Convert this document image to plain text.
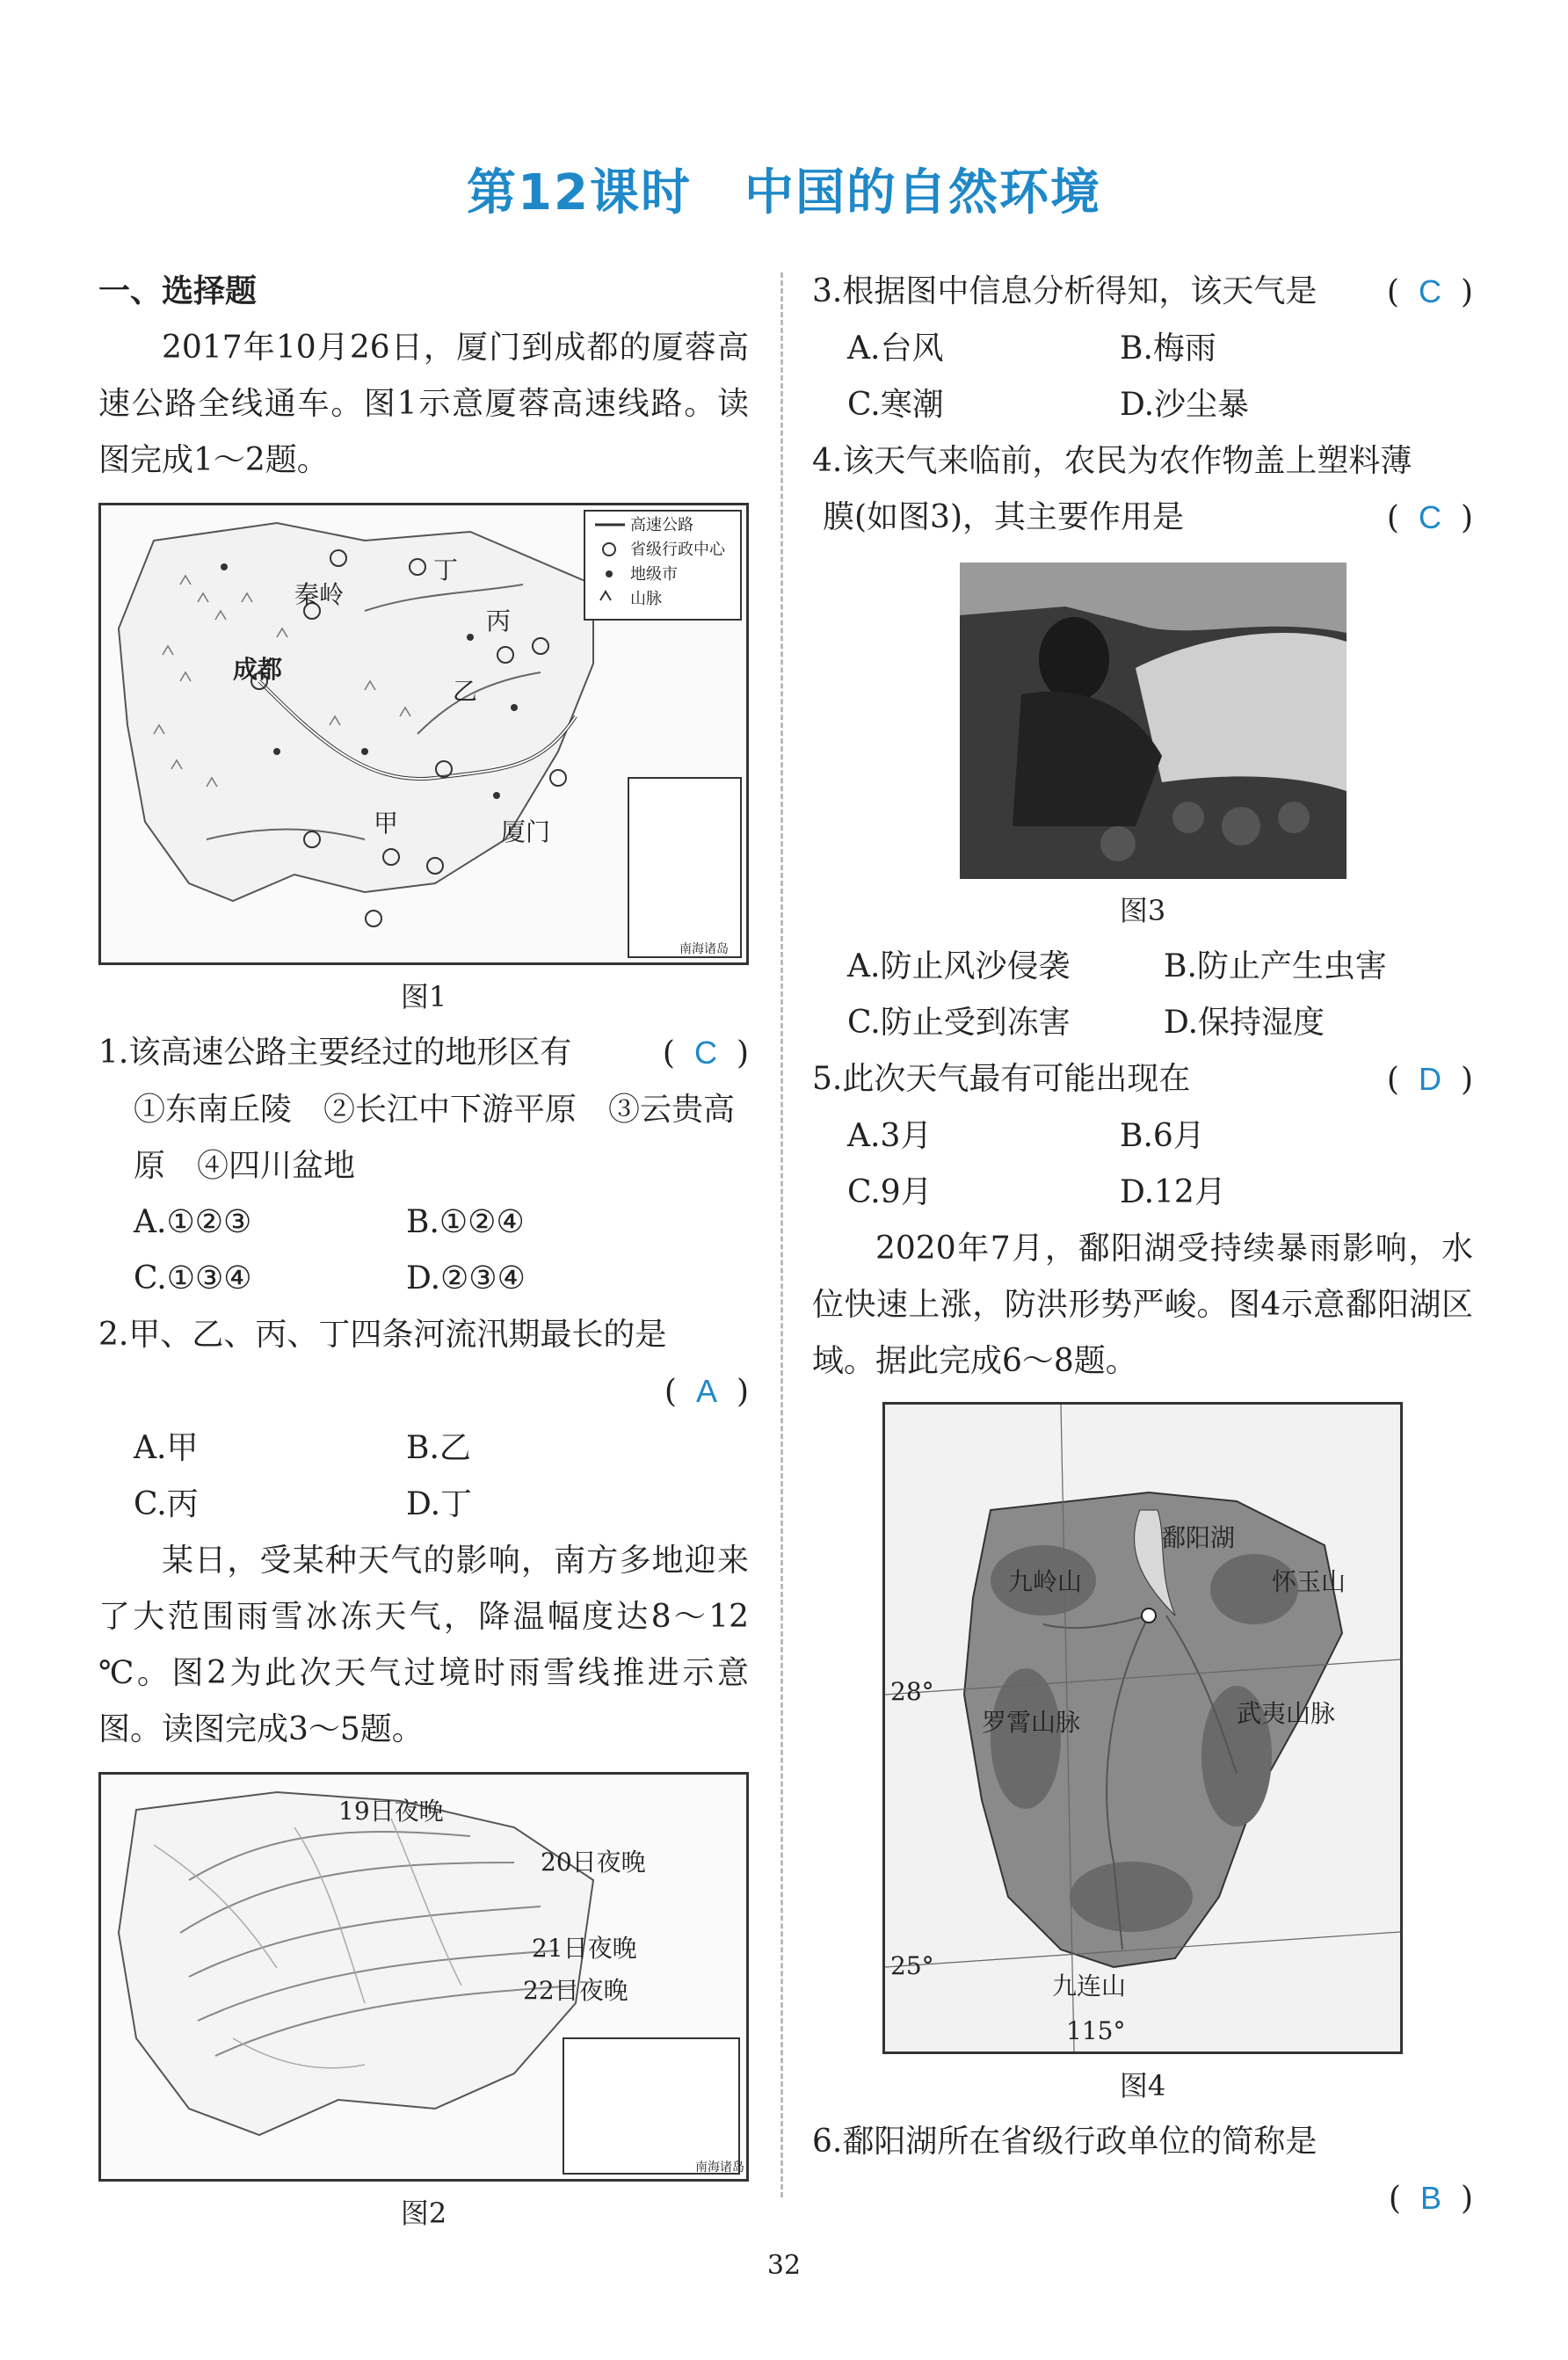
第12课时 中国的自然环境
一、选择题

2017年10月26日，厦门到成都的厦蓉高速公路全线通车。图1示意厦蓉高速线路。读图完成1～2题。

高速公路
省级行政中心
地级市
山脉
秦岭
成都
丁
丙
乙
甲	厦门
南海诸岛
图1
1.该高速公路主要经过的地形区有	( C )
①东南丘陵　②长江中下游平原　③云贵高原　④四川盆地
A.①②③	B.①②④
C.①③④	D.②③④
2.甲、乙、丙、丁四条河流汛期最长的是
( A )
A.甲	B.乙
C.丙	D.丁

某日，受某种天气的影响，南方多地迎来了大范围雨雪冰冻天气，降温幅度达8～12 ℃。图2为此次天气过境时雨雪线推进示意图。读图完成3～5题。

19日夜晚
20日夜晚
21日夜晚
22日夜晚
南海诸岛
图2
3.根据图中信息分析得知，该天气是 ( C )
A.台风	B.梅雨
C.寒潮	D.沙尘暴
4.该天气来临前，农民为农作物盖上塑料薄
膜(如图3)，其主要作用是	( C )
图3
A.防止风沙侵袭	B.防止产生虫害
C.防止受到冻害	D.保持湿度
5.此次天气最有可能出现在	( D )
A.3月	B.6月
C.9月	D.12月

2020年7月，鄱阳湖受持续暴雨影响，水位快速上涨，防洪形势严峻。图4示意鄱阳湖区域。据此完成6～8题。

鄱阳湖
九岭山	怀玉山
罗霄山脉	武夷山脉
九连山
28°
25°
115°
图4
6.鄱阳湖所在省级行政单位的简称是
( B )
32
